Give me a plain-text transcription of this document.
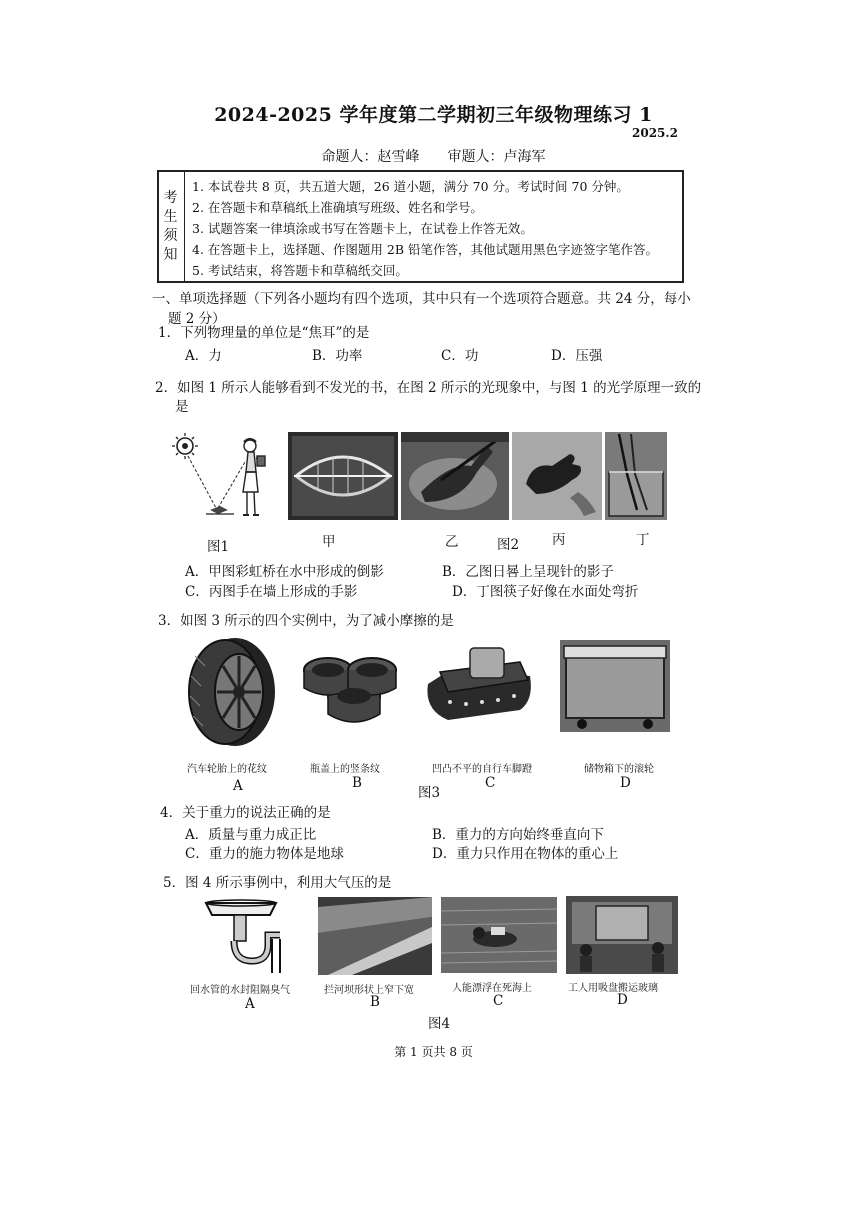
2024-2025 学年度第二学期初三年级物理练习 1
2025.2
命题人：赵雪峰　　审题人：卢海军
考
生
须
知
1. 本试卷共 8 页，共五道大题，26 道小题，满分 70 分。考试时间 70 分钟。
2. 在答题卡和草稿纸上准确填写班级、姓名和学号。
3. 试题答案一律填涂或书写在答题卡上，在试卷上作答无效。
4. 在答题卡上，选择题、作图题用 2B 铅笔作答，其他试题用黑色字迹签字笔作答。
5. 考试结束，将答题卡和草稿纸交回。
一、单项选择题（下列各小题均有四个选项，其中只有一个选项符合题意。共 24 分，每小
题 2 分）
1．下列物理量的单位是“焦耳”的是
A．力	B．功率	C．功	D．压强
2．如图 1 所示人能够看到不发光的书，在图 2 所示的光现象中，与图 1 的光学原理一致的
是
甲	乙	丙	丁
图1	图2
A．甲图彩虹桥在水中形成的倒影	B．乙图日晷上呈现针的影子
C．丙图手在墙上形成的手影	D．丁图筷子好像在水面处弯折
3．如图 3 所示的四个实例中，为了减小摩擦的是
汽车轮胎上的花纹	瓶盖上的竖条纹	凹凸不平的自行车脚蹬	储物箱下的滚轮
A	B	C	D
图3
4．关于重力的说法正确的是
A．质量与重力成正比	B．重力的方向始终垂直向下
C．重力的施力物体是地球	D．重力只作用在物体的重心上
5．图 4 所示事例中，利用大气压的是
回水管的水封阻隔臭气	拦河坝形状上窄下宽	人能漂浮在死海上	工人用吸盘搬运玻璃
A	B	C	D
图4
第 1 页共 8 页
